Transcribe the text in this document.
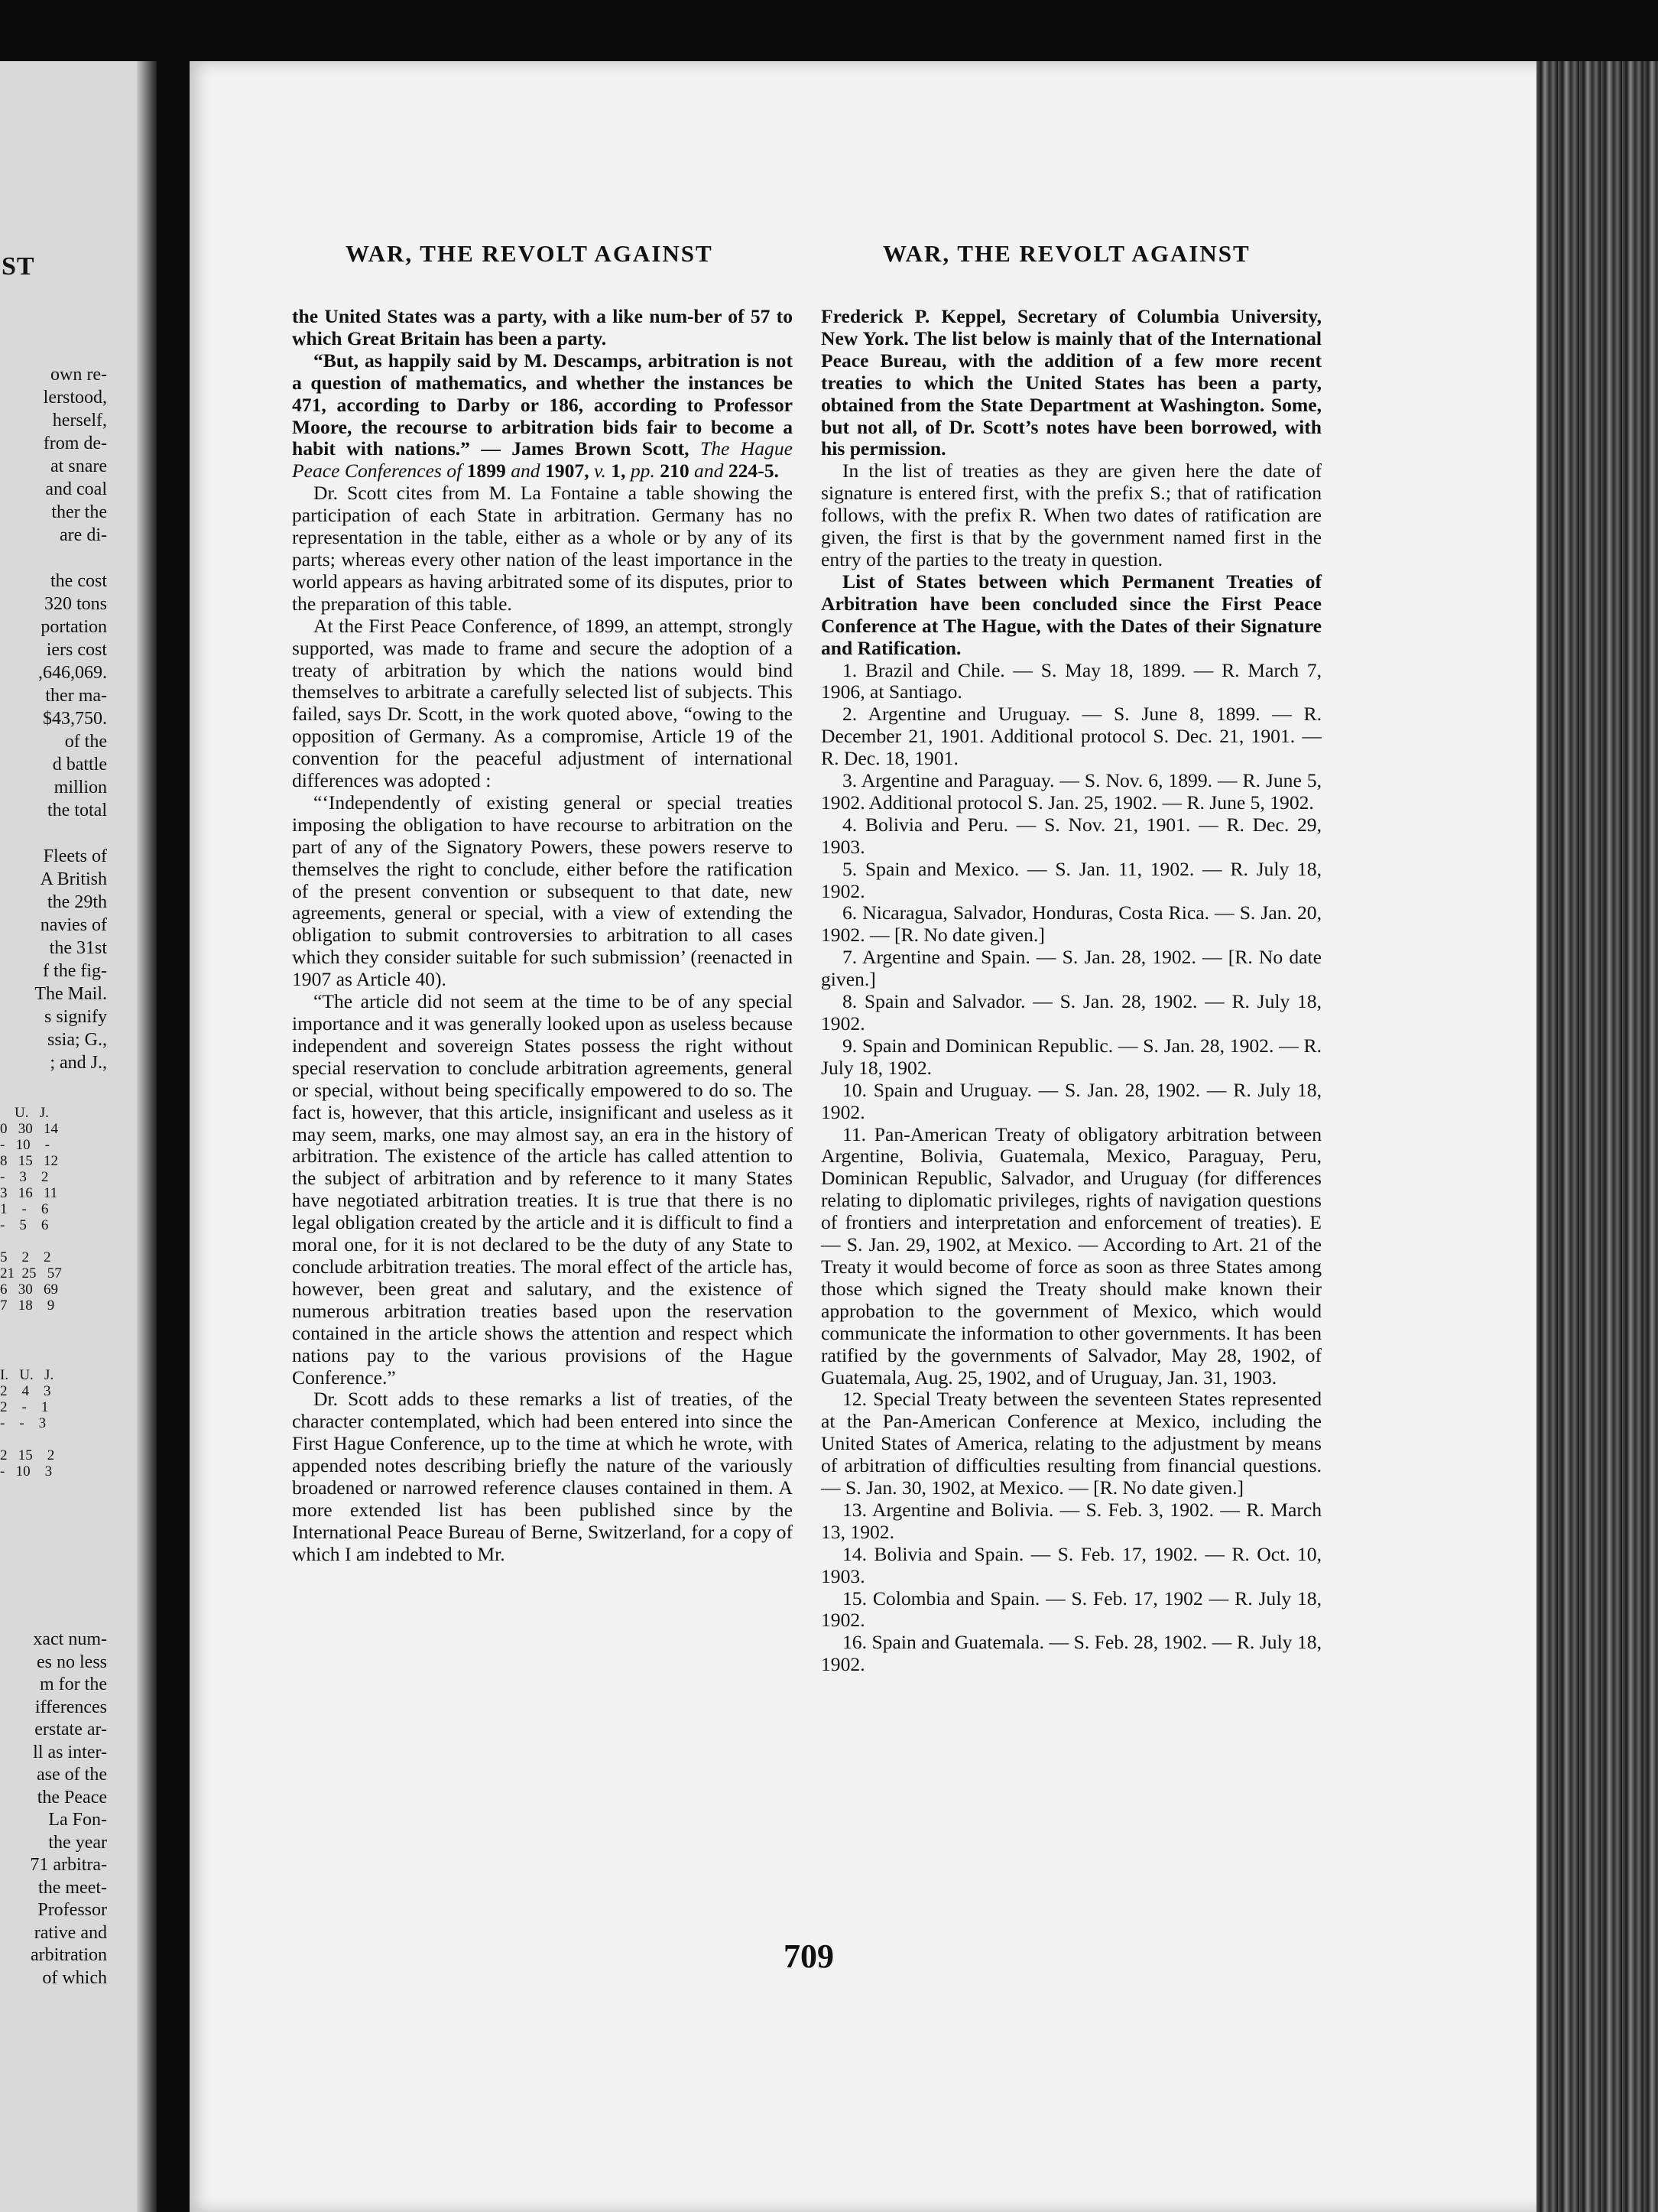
ST
own re-
lerstood,
herself,
from de-
at snare
and coal
ther the
are di-

the cost
320 tons
portation
iers cost
,646,069.
ther ma-
$43,750.
of the
d battle
million
the total

Fleets of
A British
the 29th
navies of
the 31st
f the fig-
The Mail.
s signify
ssia; G.,
; and J.,
U.   J.
0   30   14
-   10    -
8   15   12
-    3    2
3   16   11
1    -    6
-    5    6

5    2    2
21  25   57
6   30   69
7   18    9
I.   U.   J.
2    4    3
2    -    1
-    -    3

2   15    2
-   10    3
xact num-
es no less
m for the
ifferences
erstate ar-
ll as inter-
ase of the
the Peace
La Fon-
the year
71 arbitra-
the meet-
Professor
rative and
arbitration
of which
WAR, THE REVOLT AGAINST	WAR, THE REVOLT AGAINST

the United States was a party, with a like num-ber of 57 to which Great Britain has been a party.

“But, as happily said by M. Descamps, arbitration is not a question of mathematics, and whether the instances be 471, according to Darby or 186, according to Professor Moore, the recourse to arbitration bids fair to become a habit with nations.” — James Brown Scott, The Hague Peace Conferences of 1899 and 1907, v. 1, pp. 210 and 224-5.

Dr. Scott cites from M. La Fontaine a table showing the participation of each State in arbitration. Germany has no representation in the table, either as a whole or by any of its parts; whereas every other nation of the least importance in the world appears as having arbitrated some of its disputes, prior to the preparation of this table.

At the First Peace Conference, of 1899, an attempt, strongly supported, was made to frame and secure the adoption of a treaty of arbitration by which the nations would bind themselves to arbitrate a carefully selected list of subjects. This failed, says Dr. Scott, in the work quoted above, “owing to the opposition of Germany. As a compromise, Article 19 of the convention for the peaceful adjustment of international differences was adopted :

“‘Independently of existing general or special treaties imposing the obligation to have recourse to arbitration on the part of any of the Signatory Powers, these powers reserve to themselves the right to conclude, either before the ratification of the present convention or subsequent to that date, new agreements, general or special, with a view of extending the obligation to submit controversies to arbitration to all cases which they consider suitable for such submission’ (reenacted in 1907 as Article 40).

“The article did not seem at the time to be of any special importance and it was generally looked upon as useless because independent and sovereign States possess the right without special reservation to conclude arbitration agreements, general or special, without being specifically empowered to do so. The fact is, however, that this article, insignificant and useless as it may seem, marks, one may almost say, an era in the history of arbitration. The existence of the article has called attention to the subject of arbitration and by reference to it many States have negotiated arbitration treaties. It is true that there is no legal obligation created by the article and it is difficult to find a moral one, for it is not declared to be the duty of any State to conclude arbitration treaties. The moral effect of the article has, however, been great and salutary, and the existence of numerous arbitration treaties based upon the reservation contained in the article shows the attention and respect which nations pay to the various provisions of the Hague Conference.”

Dr. Scott adds to these remarks a list of treaties, of the character contemplated, which had been entered into since the First Hague Conference, up to the time at which he wrote, with appended notes describing briefly the nature of the variously broadened or narrowed reference clauses contained in them. A more extended list has been published since by the International Peace Bureau of Berne, Switzerland, for a copy of which I am indebted to Mr.

Frederick P. Keppel, Secretary of Columbia University, New York. The list below is mainly that of the International Peace Bureau, with the addition of a few more recent treaties to which the United States has been a party, obtained from the State Department at Washington. Some, but not all, of Dr. Scott’s notes have been borrowed, with his permission.

In the list of treaties as they are given here the date of signature is entered first, with the prefix S.; that of ratification follows, with the prefix R. When two dates of ratification are given, the first is that by the government named first in the entry of the parties to the treaty in question.

List of States between which Permanent Treaties of Arbitration have been concluded since the First Peace Conference at The Hague, with the Dates of their Signature and Ratification.

1. Brazil and Chile. — S. May 18, 1899. — R. March 7, 1906, at Santiago.

2. Argentine and Uruguay. — S. June 8, 1899. — R. December 21, 1901. Additional protocol S. Dec. 21, 1901. — R. Dec. 18, 1901.

3. Argentine and Paraguay. — S. Nov. 6, 1899. — R. June 5, 1902. Additional protocol S. Jan. 25, 1902. — R. June 5, 1902.

4. Bolivia and Peru. — S. Nov. 21, 1901. — R. Dec. 29, 1903.

5. Spain and Mexico. — S. Jan. 11, 1902. — R. July 18, 1902.

6. Nicaragua, Salvador, Honduras, Costa Rica. — S. Jan. 20, 1902. — [R. No date given.]

7. Argentine and Spain. — S. Jan. 28, 1902. — [R. No date given.]

8. Spain and Salvador. — S. Jan. 28, 1902. — R. July 18, 1902.

9. Spain and Dominican Republic. — S. Jan. 28, 1902. — R. July 18, 1902.

10. Spain and Uruguay. — S. Jan. 28, 1902. — R. July 18, 1902.

11. Pan-American Treaty of obligatory arbitration between Argentine, Bolivia, Guatemala, Mexico, Paraguay, Peru, Dominican Republic, Salvador, and Uruguay (for differences relating to diplomatic privileges, rights of navigation questions of frontiers and interpretation and enforcement of treaties). E — S. Jan. 29, 1902, at Mexico. — According to Art. 21 of the Treaty it would become of force as soon as three States among those which signed the Treaty should make known their approbation to the government of Mexico, which would communicate the information to other governments. It has been ratified by the governments of Salvador, May 28, 1902, of Guatemala, Aug. 25, 1902, and of Uruguay, Jan. 31, 1903.

12. Special Treaty between the seventeen States represented at the Pan-American Conference at Mexico, including the United States of America, relating to the adjustment by means of arbitration of difficulties resulting from financial questions. — S. Jan. 30, 1902, at Mexico. — [R. No date given.]

13. Argentine and Bolivia. — S. Feb. 3, 1902. — R. March 13, 1902.

14. Bolivia and Spain. — S. Feb. 17, 1902. — R. Oct. 10, 1903.

15. Colombia and Spain. — S. Feb. 17, 1902 — R. July 18, 1902.

16. Spain and Guatemala. — S. Feb. 28, 1902. — R. July 18, 1902.

709
